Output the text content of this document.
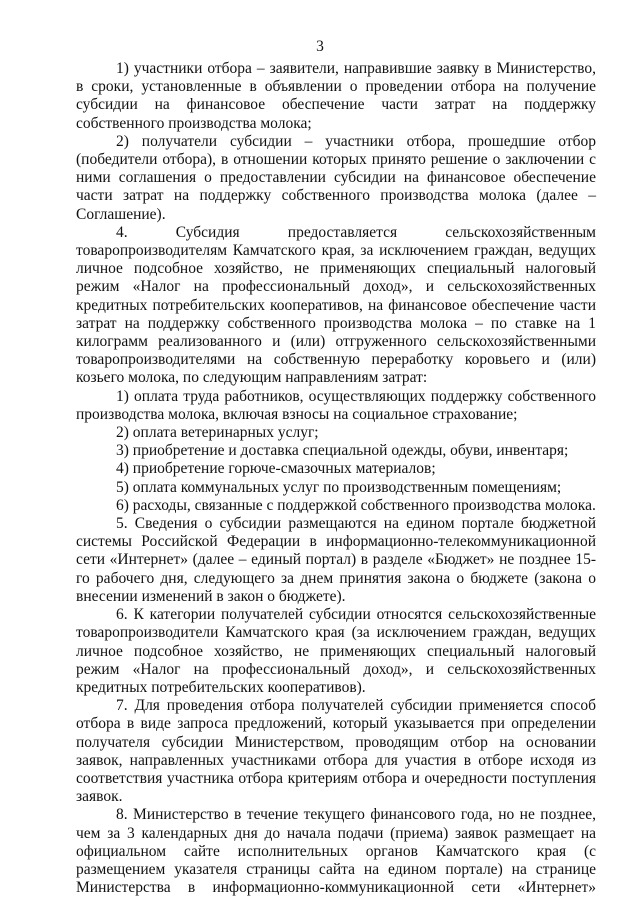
3

1) участники отбора – заявители, направившие заявку в Министерство, в сроки, установленные в объявлении о проведении отбора на получение субсидии на финансовое обеспечение части затрат на поддержку собственного производства молока;

2) получатели субсидии – участники отбора, прошедшие отбор (победители отбора), в отношении которых принято решение о заключении с ними соглашения о предоставлении субсидии на финансовое обеспечение части затрат на поддержку собственного производства молока (далее – Соглашение).

4. Субсидия предоставляется сельскохозяйственным товаропроизводителям Камчатского края, за исключением граждан, ведущих личное подсобное хозяйство, не применяющих специальный налоговый режим «Налог на профессиональный доход», и сельскохозяйственных кредитных потребительских кооперативов, на финансовое обеспечение части затрат на поддержку собственного производства молока – по ставке на 1 килограмм реализованного и (или) отгруженного сельскохозяйственными товаропроизводителями на собственную переработку коровьего и (или) козьего молока, по следующим направлениям затрат:

1) оплата труда работников, осуществляющих поддержку собственного производства молока, включая взносы на социальное страхование;

2) оплата ветеринарных услуг;

3) приобретение и доставка специальной одежды, обуви, инвентаря;

4) приобретение горюче-смазочных материалов;

5) оплата коммунальных услуг по производственным помещениям;

6) расходы, связанные с поддержкой собственного производства молока.

5. Сведения о субсидии размещаются на едином портале бюджетной системы Российской Федерации в информационно-телекоммуникационной сети «Интернет» (далее – единый портал) в разделе «Бюджет» не позднее 15-го рабочего дня, следующего за днем принятия закона о бюджете (закона о внесении изменений в закон о бюджете).

6. К категории получателей субсидии относятся сельскохозяйственные товаропроизводители Камчатского края (за исключением граждан, ведущих личное подсобное хозяйство, не применяющих специальный налоговый режим «Налог на профессиональный доход», и сельскохозяйственных кредитных потребительских кооперативов).

7. Для проведения отбора получателей субсидии применяется способ отбора в виде запроса предложений, который указывается при определении получателя субсидии Министерством, проводящим отбор на основании заявок, направленных участниками отбора для участия в отборе исходя из соответствия участника отбора критериям отбора и очередности поступления заявок.

8. Министерство в течение текущего финансового года, но не позднее, чем за 3 календарных дня до начала подачи (приема) заявок размещает на официальном сайте исполнительных органов Камчатского края (с размещением указателя страницы сайта на едином портале) на странице Министерства в информационно-коммуникационной сети «Интернет»
